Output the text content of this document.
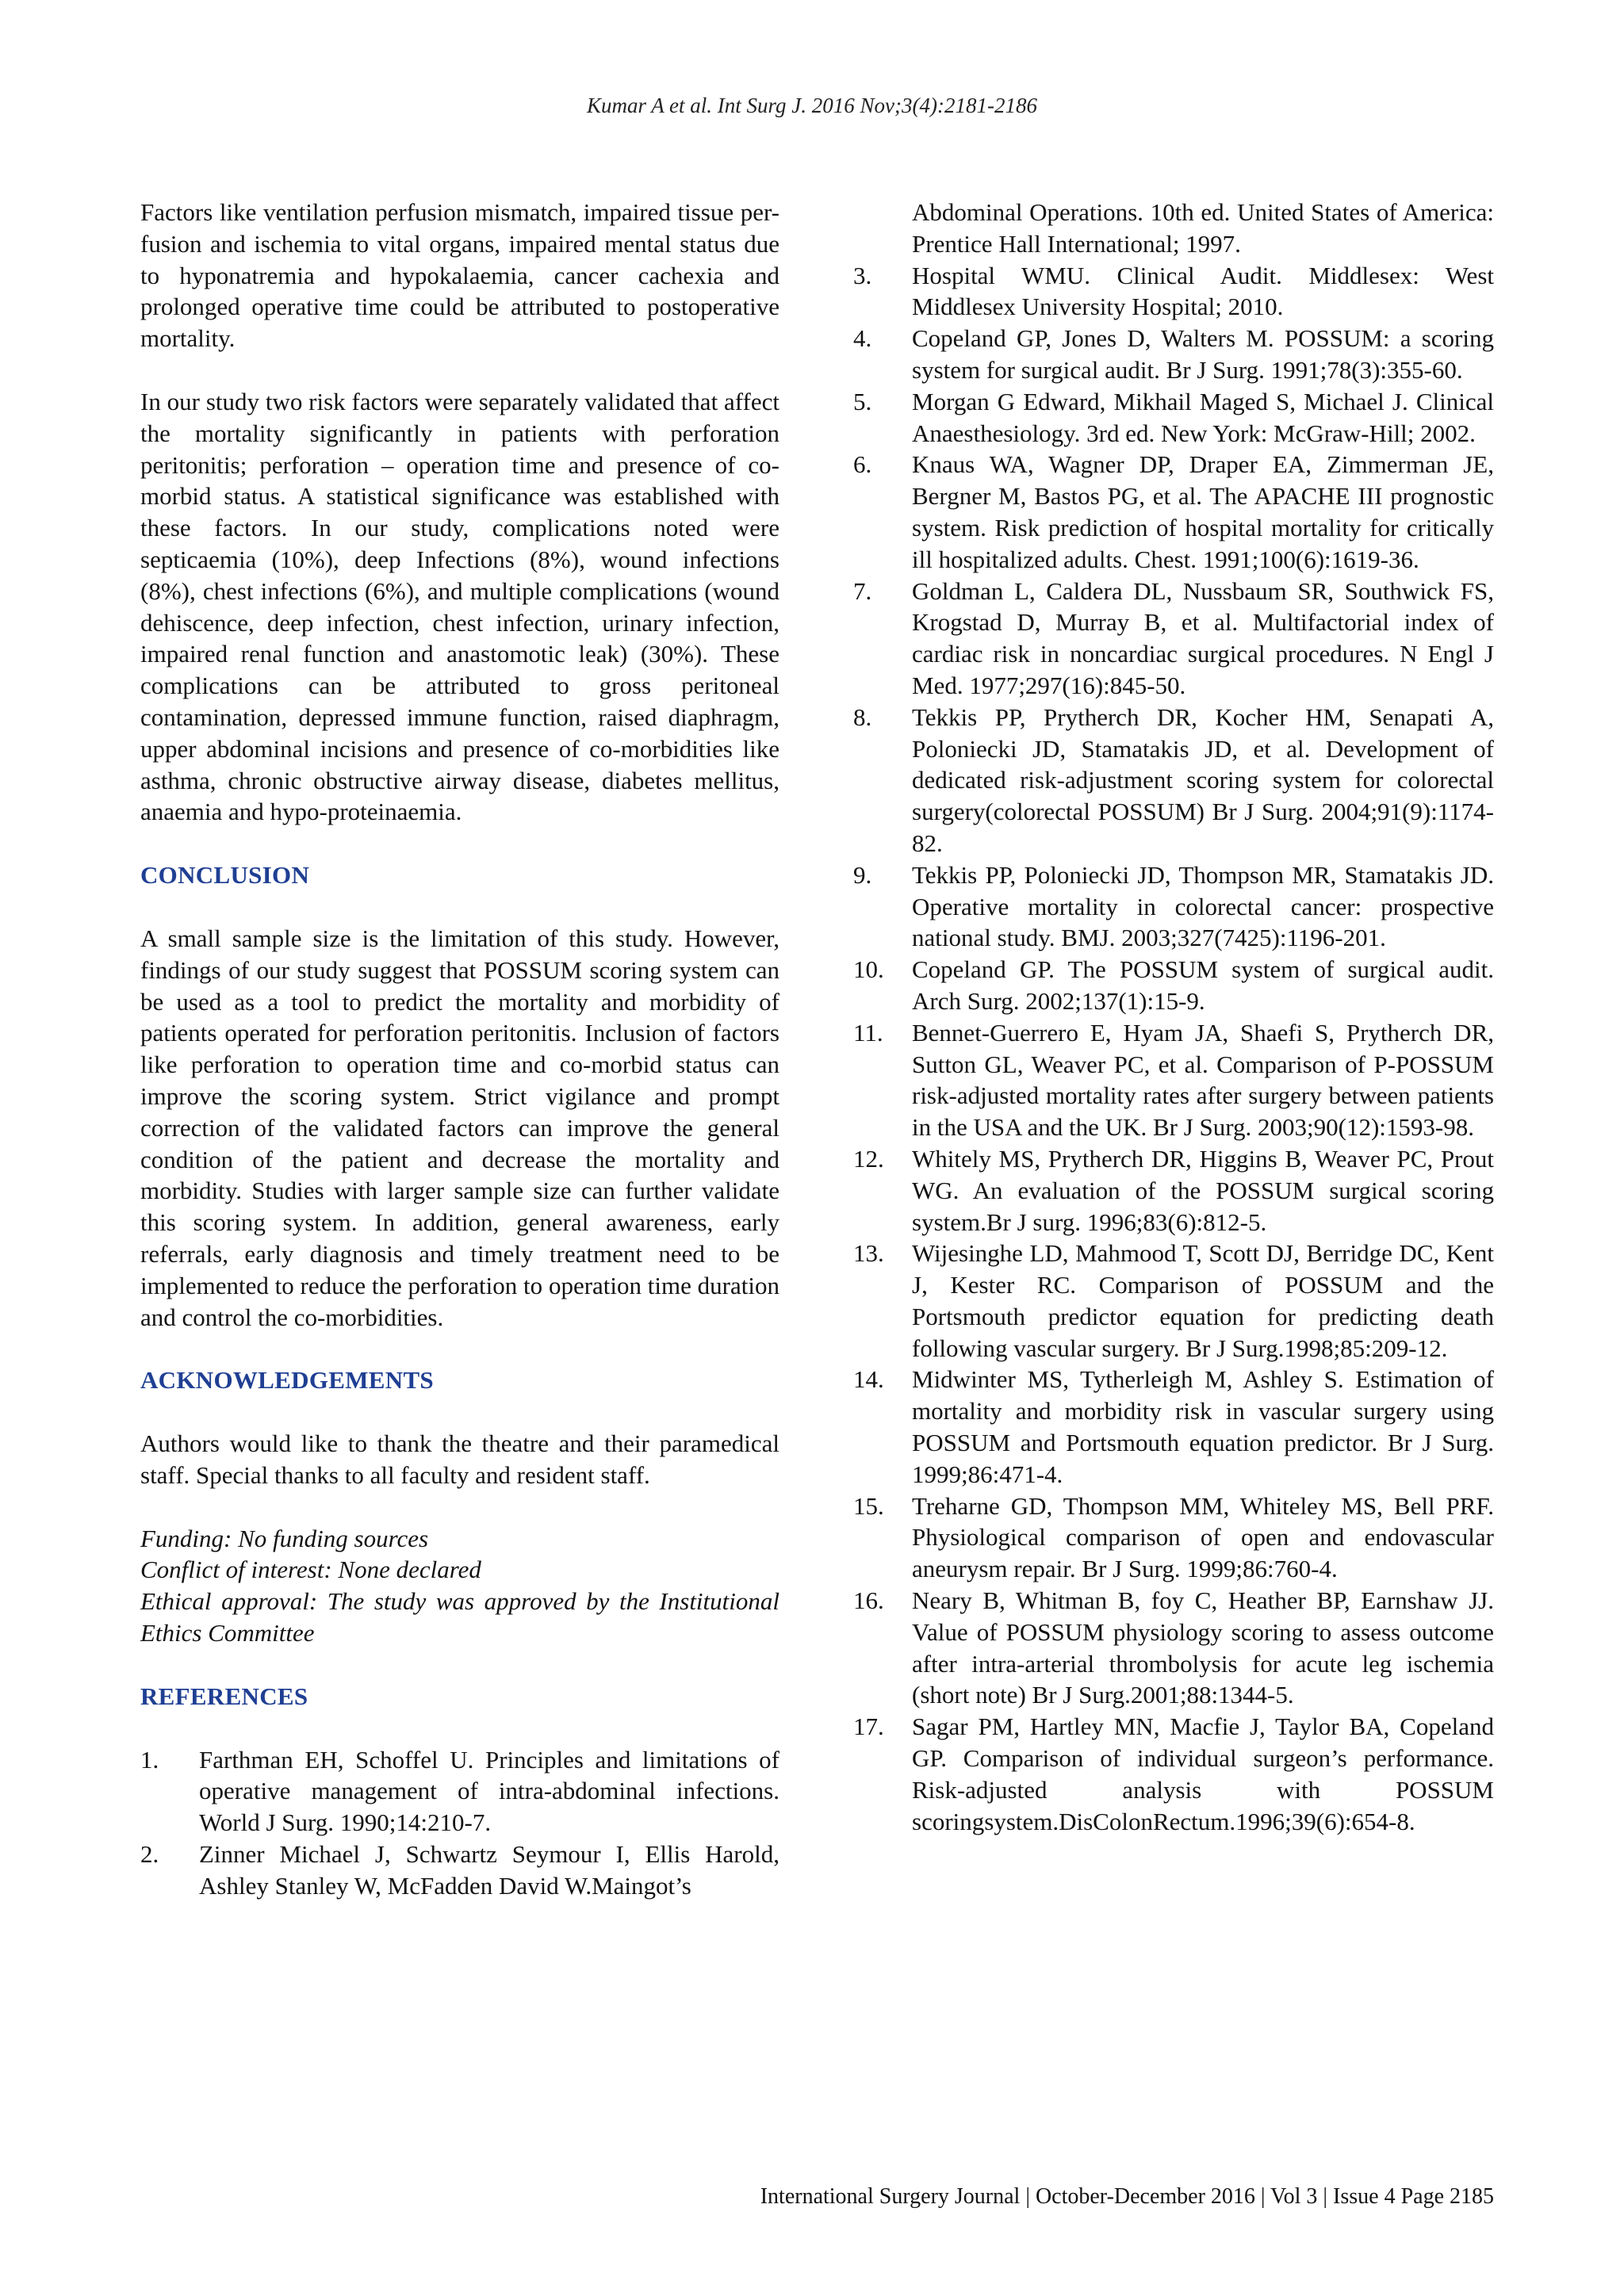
Kumar A et al. Int Surg J. 2016 Nov;3(4):2181-2186

Factors like ventilation perfusion mismatch, impaired tissue per-fusion and ischemia to vital organs, impaired mental status due to hyponatremia and hypokalaemia, cancer cachexia and prolonged operative time could be attributed to postoperative mortality.

In our study two risk factors were separately validated that affect the mortality significantly in patients with perforation peritonitis; perforation – operation time and presence of co-morbid status. A statistical significance was established with these factors. In our study, complications noted were septicaemia (10%), deep Infections (8%), wound infections (8%), chest infections (6%), and multiple complications (wound dehiscence, deep infection, chest infection, urinary infection, impaired renal function and anastomotic leak) (30%). These complications can be attributed to gross peritoneal contamination, depressed immune function, raised diaphragm, upper abdominal incisions and presence of co-morbidities like asthma, chronic obstructive airway disease, diabetes mellitus, anaemia and hypo-proteinaemia.

CONCLUSION

A small sample size is the limitation of this study. However, findings of our study suggest that POSSUM scoring system can be used as a tool to predict the mortality and morbidity of patients operated for perforation peritonitis. Inclusion of factors like perforation to operation time and co-morbid status can improve the scoring system. Strict vigilance and prompt correction of the validated factors can improve the general condition of the patient and decrease the mortality and morbidity. Studies with larger sample size can further validate this scoring system. In addition, general awareness, early referrals, early diagnosis and timely treatment need to be implemented to reduce the perforation to operation time duration and control the co-morbidities.

ACKNOWLEDGEMENTS

Authors would like to thank the theatre and their paramedical staff. Special thanks to all faculty and resident staff.

Funding: No funding sources
Conflict of interest: None declared
Ethical approval: The study was approved by the Institutional Ethics Committee
REFERENCES
1.	Farthman EH, Schoffel U. Principles and limitations of operative management of intra-abdominal infections. World J Surg. 1990;14:210-7.
2.	Zinner Michael J, Schwartz Seymour I, Ellis Harold, Ashley Stanley W, McFadden David W.Maingot’s
Abdominal Operations. 10th ed. United States of America: Prentice Hall International; 1997.
3.	Hospital WMU. Clinical Audit. Middlesex: West Middlesex University Hospital; 2010.
4.	Copeland GP, Jones D, Walters M. POSSUM: a scoring system for surgical audit. Br J Surg. 1991;78(3):355-60.
5.	Morgan G Edward, Mikhail Maged S, Michael J. Clinical Anaesthesiology. 3rd ed. New York: McGraw-Hill; 2002.
6.	Knaus WA, Wagner DP, Draper EA, Zimmerman JE, Bergner M, Bastos PG, et al. The APACHE III prognostic system. Risk prediction of hospital mortality for critically ill hospitalized adults. Chest. 1991;100(6):1619-36.
7.	Goldman L, Caldera DL, Nussbaum SR, Southwick FS, Krogstad D, Murray B, et al. Multifactorial index of cardiac risk in noncardiac surgical procedures. N Engl J Med. 1977;297(16):845-50.
8.	Tekkis PP, Prytherch DR, Kocher HM, Senapati A, Poloniecki JD, Stamatakis JD, et al. Development of dedicated risk-adjustment scoring system for colorectal surgery(colorectal POSSUM) Br J Surg. 2004;91(9):1174-82.
9.	Tekkis PP, Poloniecki JD, Thompson MR, Stamatakis JD. Operative mortality in colorectal cancer: prospective national study. BMJ. 2003;327(7425):1196-201.
10.	Copeland GP. The POSSUM system of surgical audit. Arch Surg. 2002;137(1):15-9.
11.	Bennet-Guerrero E, Hyam JA, Shaefi S, Prytherch DR, Sutton GL, Weaver PC, et al. Comparison of P-POSSUM risk-adjusted mortality rates after surgery between patients in the USA and the UK. Br J Surg. 2003;90(12):1593-98.
12.	Whitely MS, Prytherch DR, Higgins B, Weaver PC, Prout WG. An evaluation of the POSSUM surgical scoring system.Br J surg. 1996;83(6):812-5.
13.	Wijesinghe LD, Mahmood T, Scott DJ, Berridge DC, Kent J, Kester RC. Comparison of POSSUM and the Portsmouth predictor equation for predicting death following vascular surgery. Br J Surg.1998;85:209-12.
14.	Midwinter MS, Tytherleigh M, Ashley S. Estimation of mortality and morbidity risk in vascular surgery using POSSUM and Portsmouth equation predictor. Br J Surg. 1999;86:471-4.
15.	Treharne GD, Thompson MM, Whiteley MS, Bell PRF. Physiological comparison of open and endovascular aneurysm repair. Br J Surg. 1999;86:760-4.
16.	Neary B, Whitman B, foy C, Heather BP, Earnshaw JJ. Value of POSSUM physiology scoring to assess outcome after intra-arterial thrombolysis for acute leg ischemia (short note) Br J Surg.2001;88:1344-5.
17.	Sagar PM, Hartley MN, Macfie J, Taylor BA, Copeland GP. Comparison of individual surgeon’s performance. Risk-adjusted analysis with POSSUM scoringsystem.DisColonRectum.1996;39(6):654-8.
International Surgery Journal | October-December 2016 | Vol 3 | Issue 4 Page 2185
